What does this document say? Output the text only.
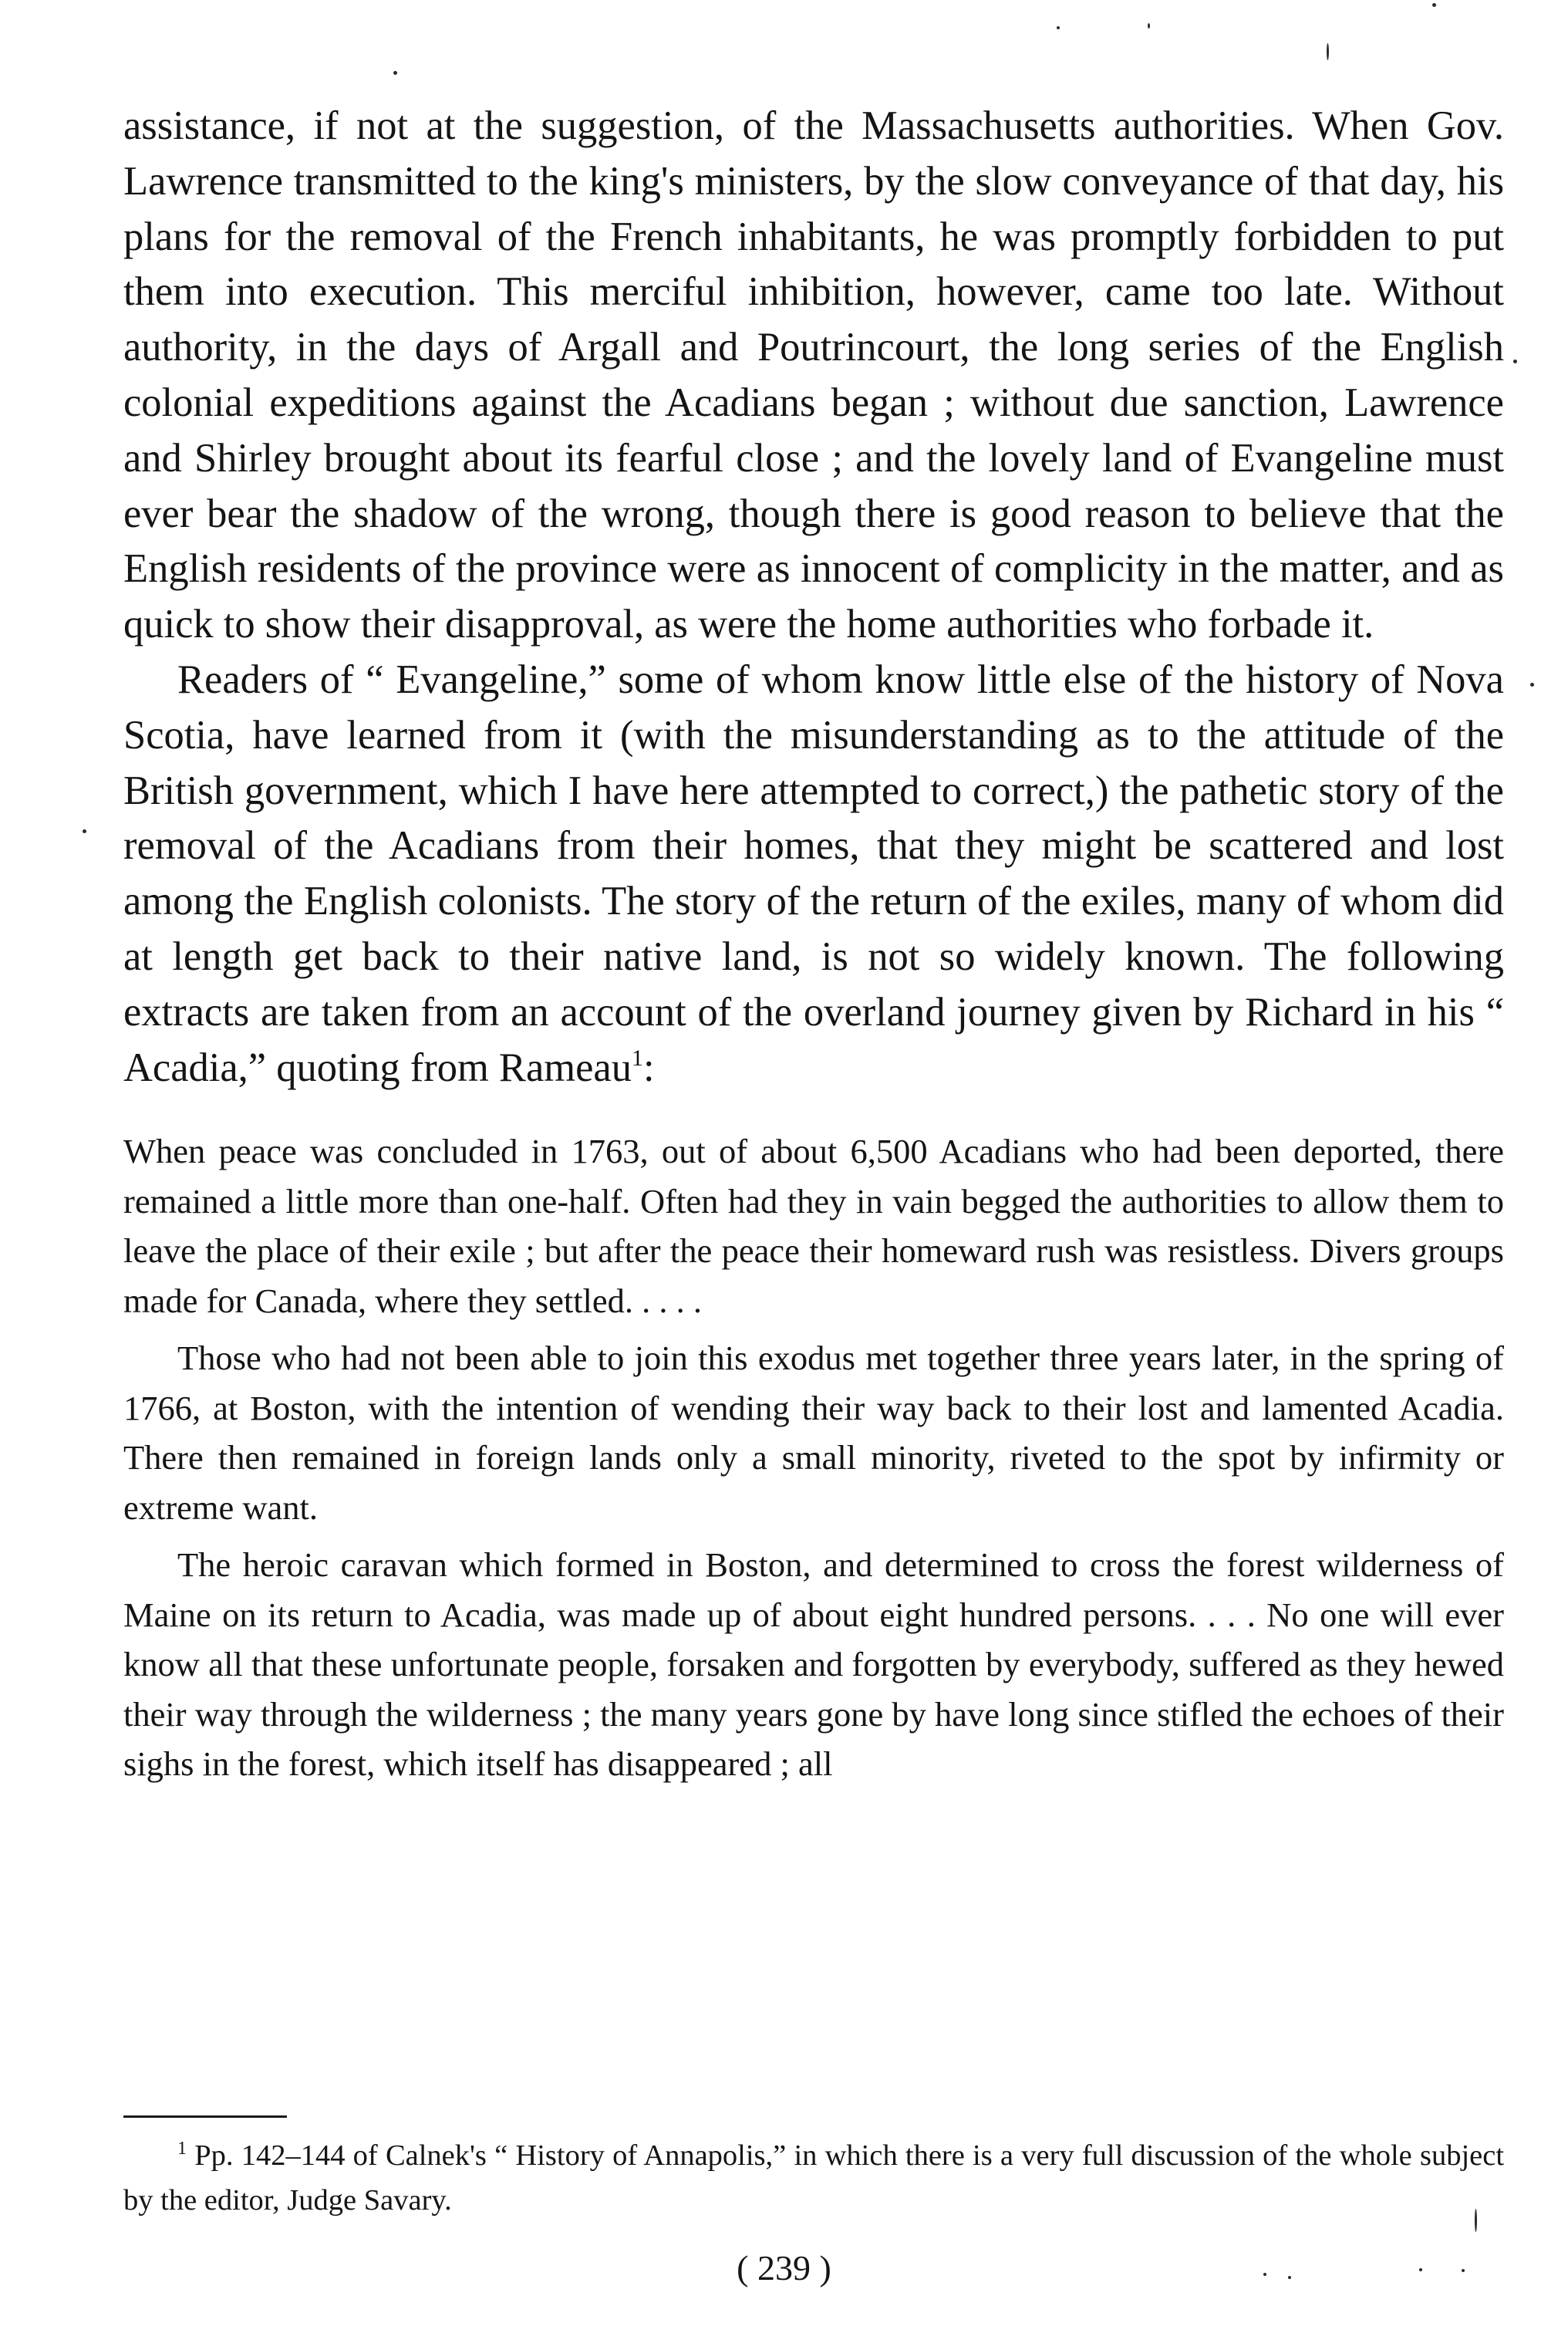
assistance, if not at the suggestion, of the Massachusetts authorities. When Gov. Lawrence transmitted to the king's ministers, by the slow conveyance of that day, his plans for the removal of the French inhabitants, he was promptly forbidden to put them into execution. This merciful inhibition, however, came too late. Without authority, in the days of Argall and Poutrincourt, the long series of the English colonial expeditions against the Acadians began ; without due sanction, Lawrence and Shirley brought about its fearful close ; and the lovely land of Evangeline must ever bear the shadow of the wrong, though there is good reason to believe that the English residents of the province were as innocent of complicity in the matter, and as quick to show their disapproval, as were the home authorities who forbade it.

Readers of “ Evangeline,” some of whom know little else of the history of Nova Scotia, have learned from it (with the misunderstanding as to the attitude of the British government, which I have here attempted to correct,) the pathetic story of the removal of the Acadians from their homes, that they might be scattered and lost among the English colonists. The story of the return of the exiles, many of whom did at length get back to their native land, is not so widely known. The following extracts are taken from an account of the overland journey given by Richard in his “ Acadia,” quoting from Rameau$^1$:

When peace was concluded in 1763, out of about 6,500 Acadians who had been deported, there remained a little more than one-half. Often had they in vain begged the authorities to allow them to leave the place of their exile ; but after the peace their homeward rush was resistless. Divers groups made for Canada, where they settled. . . . .

Those who had not been able to join this exodus met together three years later, in the spring of 1766, at Boston, with the intention of wending their way back to their lost and lamented Acadia. There then remained in foreign lands only a small minority, riveted to the spot by infirmity or extreme want.

The heroic caravan which formed in Boston, and determined to cross the forest wilderness of Maine on its return to Acadia, was made up of about eight hundred persons. . . . No one will ever know all that these unfortunate people, forsaken and forgotten by everybody, suffered as they hewed their way through the wilderness ; the many years gone by have long since stifled the echoes of their sighs in the forest, which itself has disappeared ; all

$^1$ Pp. 142–144 of Calnek's “ History of Annapolis,” in which there is a very full discussion of the whole subject by the editor, Judge Savary.

( 239 )
